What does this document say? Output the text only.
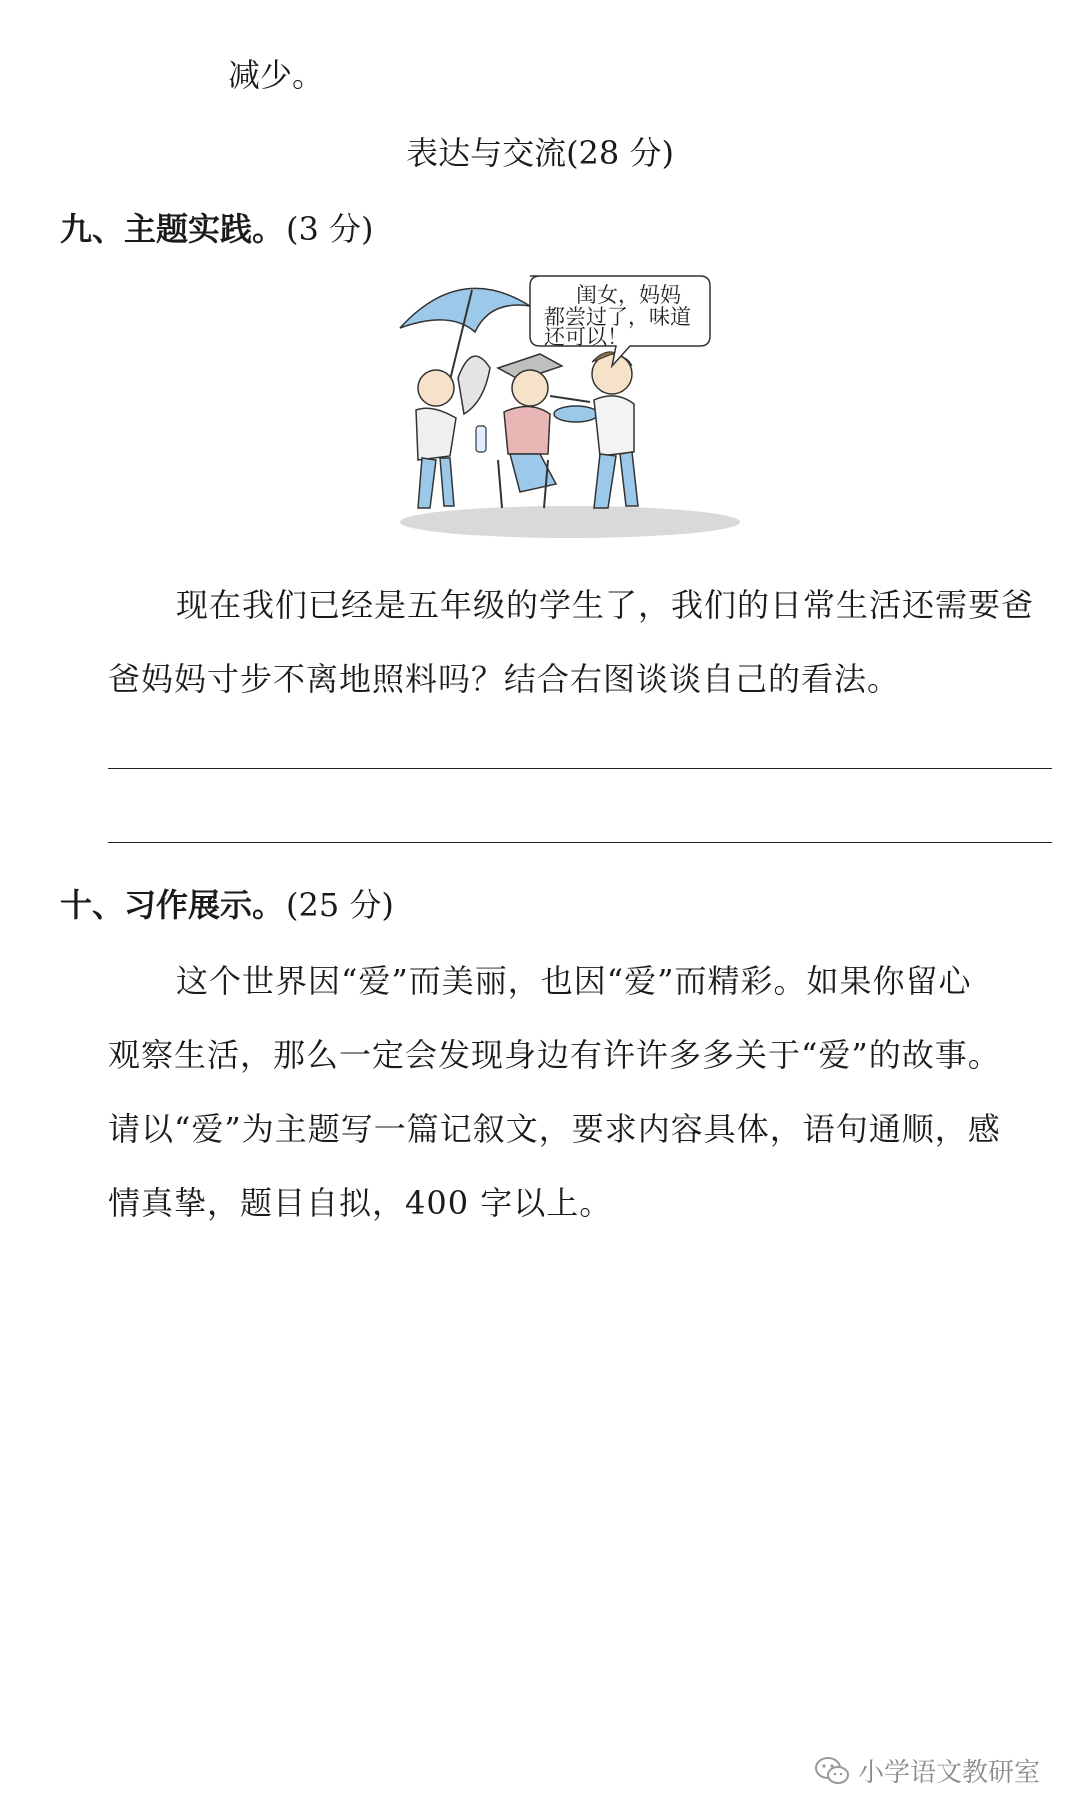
减少。
表达与交流(28 分)
九、 主题实践。 (3 分)
闺女，妈妈
都尝过了，味道
还可以！
现在我们已经是五年级的学生了，我们的日常生活还需要爸
爸妈妈寸步不离地照料吗？结合右图谈谈自己的看法。
十、 习作展示。 (25 分)
这个世界因“爱”而美丽，也因“爱”而精彩。如果你留心
观察生活，那么一定会发现身边有许许多多关于“爱”的故事。
请以“爱”为主题写一篇记叙文，要求内容具体，语句通顺，感
情真挚，题目自拟，400 字以上。
小学语文教研室
